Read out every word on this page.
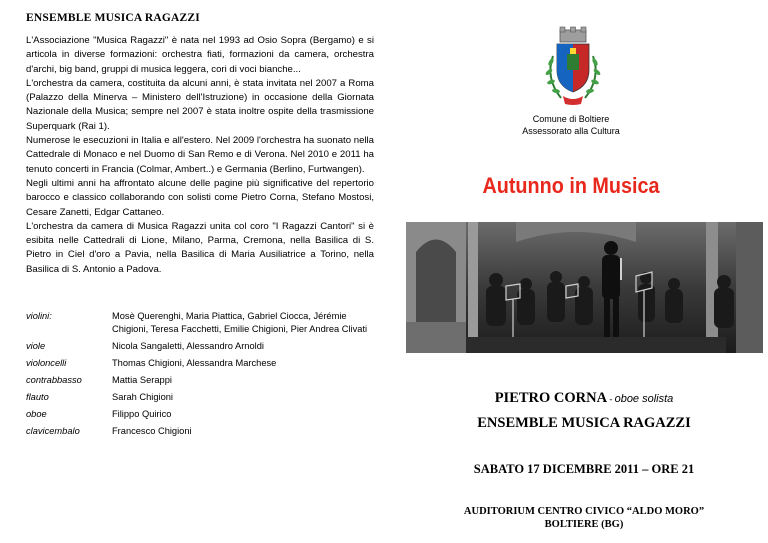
ENSEMBLE MUSICA RAGAZZI

L'Associazione "Musica Ragazzi" è nata nel 1993 ad Osio Sopra (Bergamo) e si articola in diverse formazioni: orchestra fiati, formazioni da camera, orchestra d'archi, big band, gruppi di musica leggera, cori di voci bianche...

L'orchestra da camera, costituita da alcuni anni, è stata invitata nel 2007 a Roma (Palazzo della Minerva – Ministero dell'Istruzione) in occasione della Giornata Nazionale della Musica; sempre nel 2007 è stata inoltre ospite della trasmissione Superquark (Rai 1).

Numerose le esecuzioni in Italia e all'estero. Nel 2009 l'orchestra ha suonato nella Cattedrale di Monaco e nel Duomo di San Remo e di Verona. Nel 2010 e 2011 ha tenuto concerti in Francia (Colmar, Ambert..) e Germania (Berlino, Furtwangen).

Negli ultimi anni ha affrontato alcune delle pagine più significative del repertorio barocco e classico collaborando con solisti come Pietro Corna, Stefano Mostosi, Cesare Zanetti, Edgar Cattaneo.

L'orchestra da camera di Musica Ragazzi unita col coro "I Ragazzi Cantori" si è esibita nelle Cattedrali di Lione, Milano, Parma, Cremona, nella Basilica di S. Pietro in Ciel d'oro a Pavia, nella Basilica di Maria Ausiliatrice a Torino, nella Basilica di S. Antonio a Padova.

violini:	Mosè Querenghi, Maria Piattica, Gabriel Ciocca, Jérémie Chigioni, Teresa Facchetti, Emilie Chigioni, Pier Andrea Clivati
viole	Nicola Sangaletti, Alessandro Arnoldi
violoncelli	Thomas Chigioni, Alessandra Marchese
contrabbasso	Mattia Serappi
flauto	Sarah Chigioni
oboe	Filippo Quirico
clavicembalo	Francesco Chigioni
Comune di Boltiere
Assessorato alla Cultura
Autunno in Musica
PIETRO CORNA - oboe solista
ENSEMBLE MUSICA RAGAZZI
SABATO 17 DICEMBRE 2011 – ORE 21
AUDITORIUM CENTRO CIVICO “ALDO MORO”
BOLTIERE (BG)
